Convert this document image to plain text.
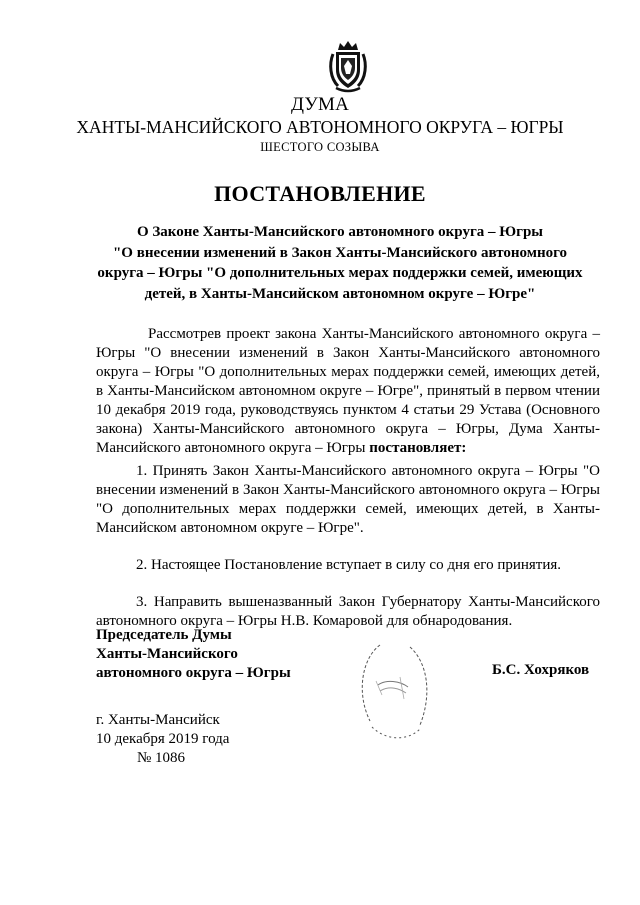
ДУМА
ХАНТЫ-МАНСИЙСКОГО АВТОНОМНОГО ОКРУГА – ЮГРЫ
ШЕСТОГО СОЗЫВА
ПОСТАНОВЛЕНИЕ
О Законе Ханты-Мансийского автономного округа – Югры
"О внесении изменений в Закон Ханты-Мансийского автономного
округа – Югры "О дополнительных мерах поддержки семей, имеющих
детей, в Ханты-Мансийском автономном округе – Югре"
Рассмотрев проект закона Ханты-Мансийского автономного округа – Югры "О внесении изменений в Закон Ханты-Мансийского автономного округа – Югры "О дополнительных мерах поддержки семей, имеющих детей, в Ханты-Мансийском автономном округе – Югре", принятый в первом чтении 10 декабря 2019 года, руководствуясь пунктом 4 статьи 29 Устава (Основного закона) Ханты-Мансийского автономного округа – Югры, Дума Ханты-Мансийского автономного округа – Югры постановляет:
1. Принять Закон Ханты-Мансийского автономного округа – Югры "О внесении изменений в Закон Ханты-Мансийского автономного округа – Югры "О дополнительных мерах поддержки семей, имеющих детей, в Ханты-Мансийском автономном округе – Югре".
2. Настоящее Постановление вступает в силу со дня его принятия.
3. Направить вышеназванный Закон Губернатору Ханты-Мансийского автономного округа – Югры Н.В. Комаровой для обнародования.
Председатель Думы
Ханты-Мансийского
автономного округа – Югры	Б.С. Хохряков
г. Ханты-Мансийск
10 декабря 2019 года
№ 1086
